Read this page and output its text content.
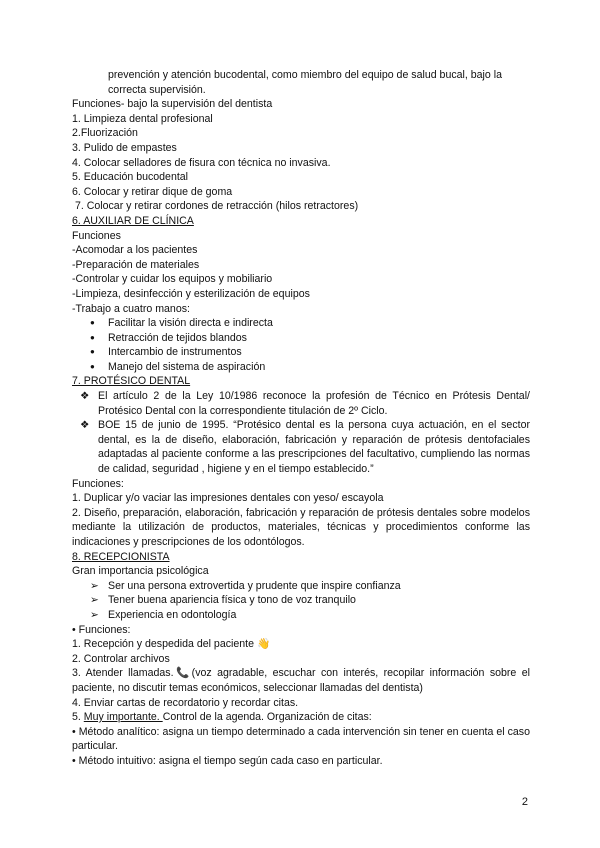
prevención y atención bucodental, como miembro del equipo de salud bucal, bajo la
correcta supervisión.
Funciones- bajo la supervisión del dentista
1. Limpieza dental profesional
2.Fluorización
3. Pulido de empastes
4. Colocar selladores de fisura con técnica no invasiva.
5. Educación bucodental
6. Colocar y retirar dique de goma
7. Colocar y retirar cordones de retracción (hilos retractores)
6. AUXILIAR DE CLÍNICA
Funciones
-Acomodar a los pacientes
-Preparación de materiales
-Controlar y cuidar los equipos y mobiliario
-Limpieza, desinfección y esterilización de equipos
-Trabajo a cuatro manos:
●	Facilitar la visión directa e indirecta
●	Retracción de tejidos blandos
●	Intercambio de instrumentos
●	Manejo del sistema de aspiración
7. PROTÉSICO DENTAL
❖ El artículo 2 de la Ley 10/1986 reconoce la profesión de Técnico en Prótesis Dental/ Protésico Dental con la correspondiente titulación de 2º Ciclo.
❖ BOE 15 de junio de 1995. “Protésico dental es la persona cuya actuación, en el sector dental, es la de diseño, elaboración, fabricación y reparación de prótesis dentofaciales adaptadas al paciente conforme a las prescripciones del facultativo, cumpliendo las normas de calidad, seguridad , higiene y en el tiempo establecido.”
Funciones:
1. Duplicar y/o vaciar las impresiones dentales con yeso/ escayola
2. Diseño, preparación, elaboración, fabricación y reparación de prótesis dentales sobre modelos mediante la utilización de productos, materiales, técnicas y procedimientos conforme las indicaciones y prescripciones de los odontólogos.
8. RECEPCIONISTA
Gran importancia psicológica
➢ Ser una persona extrovertida y prudente que inspire confianza
➢ Tener buena apariencia física y tono de voz tranquilo
➢ Experiencia en odontología
• Funciones:
1. Recepción y despedida del paciente 👋
2. Controlar archivos
3. Atender llamadas.📞(voz agradable, escuchar con interés, recopilar información sobre el paciente, no discutir temas económicos, seleccionar llamadas del dentista)
4. Enviar cartas de recordatorio y recordar citas.
5. Muy importante. Control de la agenda. Organización de citas:
• Método analítico: asigna un tiempo determinado a cada intervención sin tener en cuenta el caso particular.
• Método intuitivo: asigna el tiempo según cada caso en particular.
2
